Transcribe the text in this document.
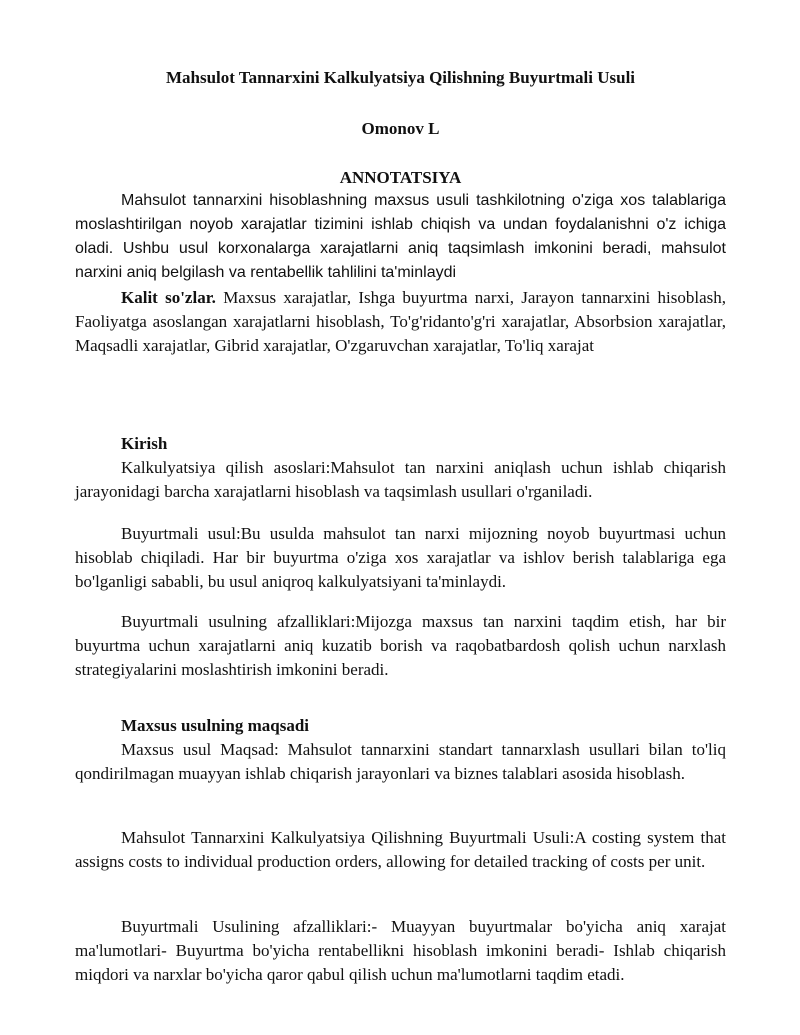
Mahsulot Tannarxini Kalkulyatsiya Qilishning Buyurtmali Usuli
Omonov L
ANNOTATSIYA

Mahsulot tannarxini hisoblashning maxsus usuli tashkilotning o'ziga xos talablariga moslashtirilgan noyob xarajatlar tizimini ishlab chiqish va undan foydalanishni o'z ichiga oladi. Ushbu usul korxonalarga xarajatlarni aniq taqsimlash imkonini beradi, mahsulot narxini aniq belgilash va rentabellik tahlilini ta'minlaydi

Kalit so'zlar. Maxsus xarajatlar, Ishga buyurtma narxi, Jarayon tannarxini hisoblash, Faoliyatga asoslangan xarajatlarni hisoblash, To'g'ridanto'g'ri xarajatlar, Absorbsion xarajatlar, Maqsadli xarajatlar, Gibrid xarajatlar, O'zgaruvchan xarajatlar, To'liq xarajat

Kirish

Kalkulyatsiya qilish asoslari:Mahsulot tan narxini aniqlash uchun ishlab chiqarish jarayonidagi barcha xarajatlarni hisoblash va taqsimlash usullari o'rganiladi.

Buyurtmali usul:Bu usulda mahsulot tan narxi mijozning noyob buyurtmasi uchun hisoblab chiqiladi. Har bir buyurtma o'ziga xos xarajatlar va ishlov berish talablariga ega bo'lganligi sababli, bu usul aniqroq kalkulyatsiyani ta'minlaydi.

Buyurtmali usulning afzalliklari:Mijozga maxsus tan narxini taqdim etish, har bir buyurtma uchun xarajatlarni aniq kuzatib borish va raqobatbardosh qolish uchun narxlash strategiyalarini moslashtirish imkonini beradi.

Maxsus usulning maqsadi

Maxsus usul Maqsad: Mahsulot tannarxini standart tannarxlash usullari bilan to'liq qondirilmagan muayyan ishlab chiqarish jarayonlari va biznes talablari asosida hisoblash.

Mahsulot Tannarxini Kalkulyatsiya Qilishning Buyurtmali Usuli:A costing system that assigns costs to individual production orders, allowing for detailed tracking of costs per unit.

Buyurtmali Usulining afzalliklari:- Muayyan buyurtmalar bo'yicha aniq xarajat ma'lumotlari- Buyurtma bo'yicha rentabellikni hisoblash imkonini beradi- Ishlab chiqarish miqdori va narxlar bo'yicha qaror qabul qilish uchun ma'lumotlarni taqdim etadi.
